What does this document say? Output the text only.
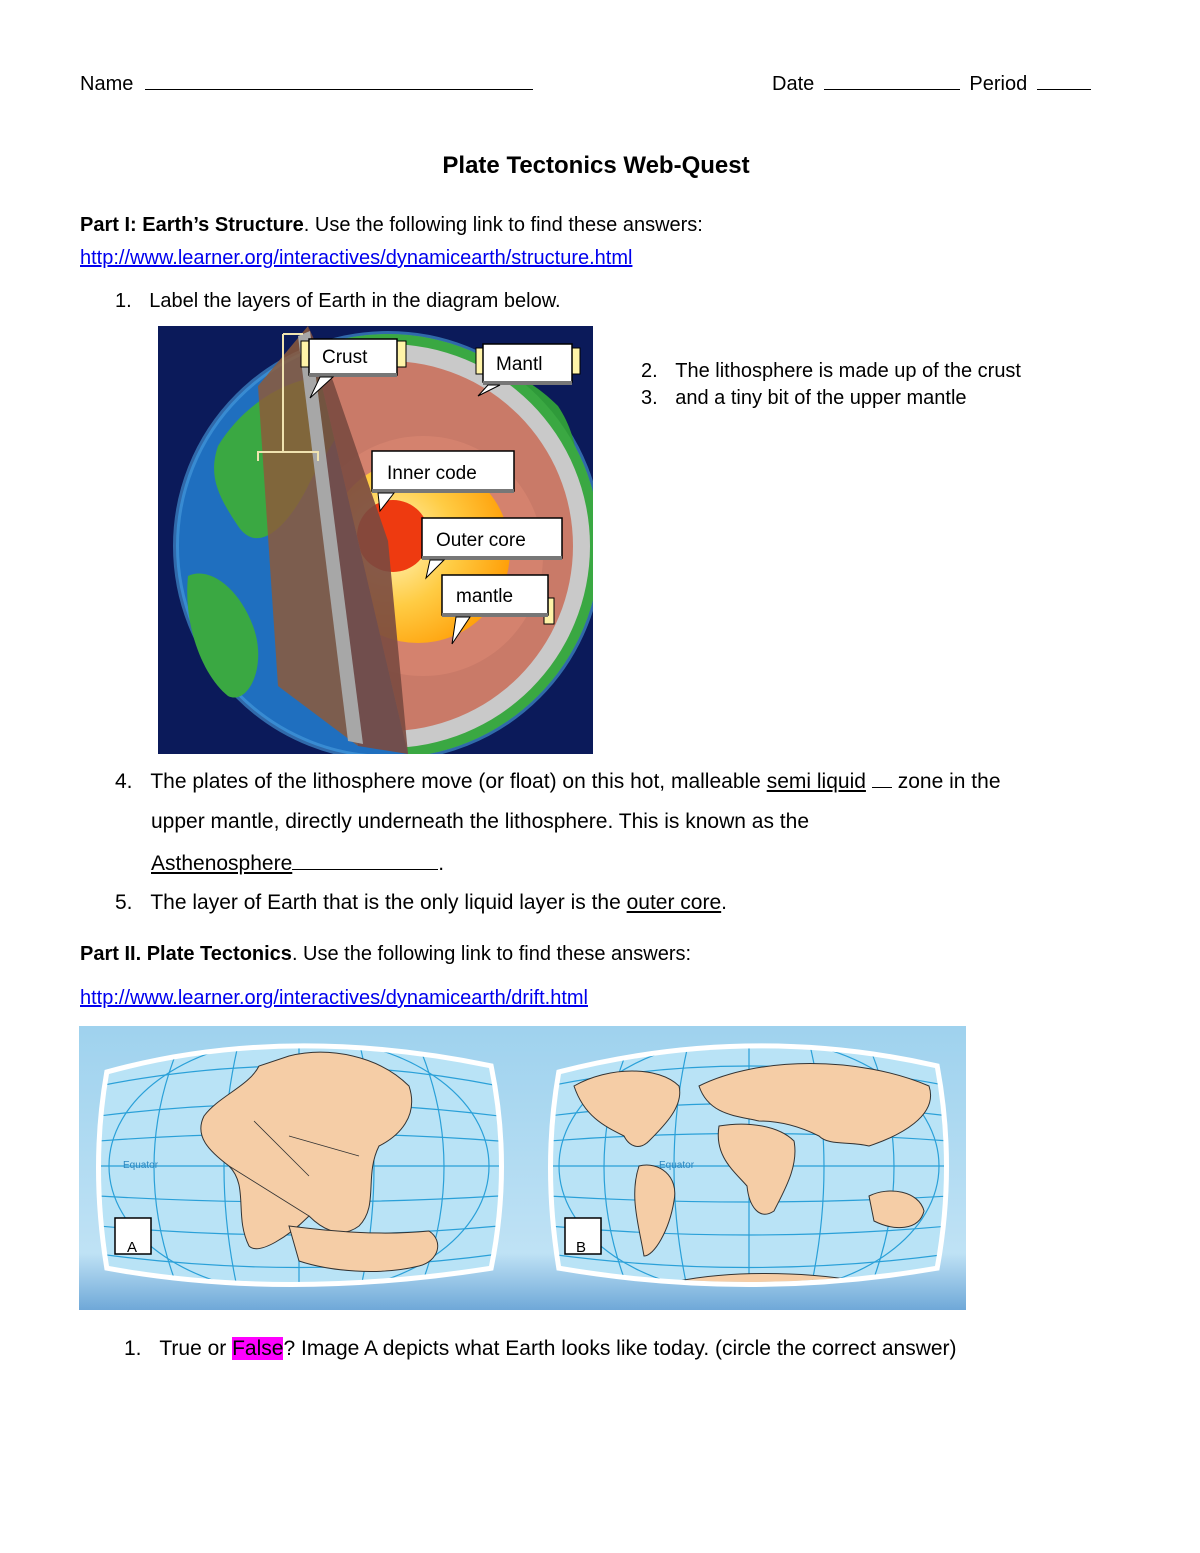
Name	Date	Period
Plate Tectonics Web-Quest
Part I: Earth’s Structure. Use the following link to find these answers:
http://www.learner.org/interactives/dynamicearth/structure.html
1. Label the layers of Earth in the diagram below.
Crust	Mantl
Inner code
Outer core
mantle
2. The lithosphere is made up of the crust
3. and a tiny bit of the upper mantle
4. The plates of the lithosphere move (or float) on this hot, malleable semi liquid zone in the
upper mantle, directly underneath the lithosphere. This is known as the
Asthenosphere	.
5. The layer of Earth that is the only liquid layer is the outer core.
Part II. Plate Tectonics. Use the following link to find these answers:
http://www.learner.org/interactives/dynamicearth/drift.html
Equator
A
Equator
B
1. True or False? Image A depicts what Earth looks like today. (circle the correct answer)
